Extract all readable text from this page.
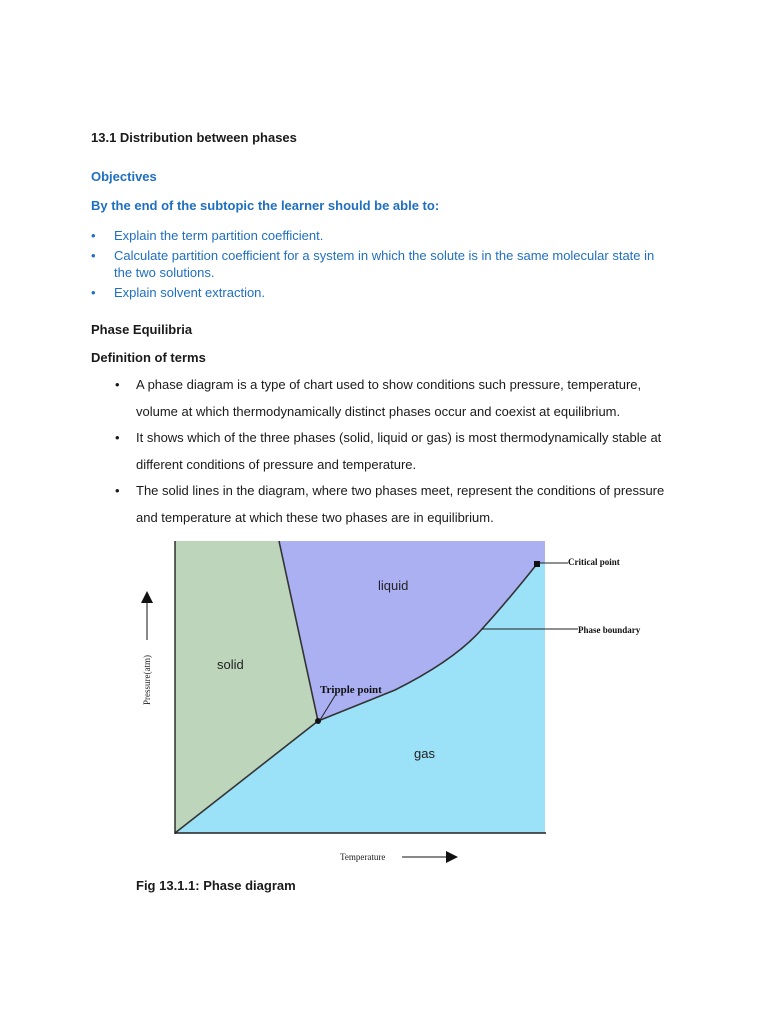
13.1 Distribution between phases
Objectives
By the end of the subtopic the learner should be able to:
• Explain the term partition coefficient.
• Calculate partition coefficient for a system in which the solute is in the same molecular state in the two solutions.
• Explain solvent extraction.
Phase Equilibria
Definition of terms
• A phase diagram is a type of chart used to show conditions such pressure, temperature, volume at which thermodynamically distinct phases occur and coexist at equilibrium.
• It shows which of the three phases (solid, liquid or gas) is most thermodynamically stable at different conditions of pressure and temperature.
• The solid lines in the diagram, where two phases meet, represent the conditions of pressure and temperature at which these two phases are in equilibrium.
solid
liquid
gas
Tripple point
Critical point
Phase boundary
Pressure(atm)
Temperature
Fig 13.1.1: Phase diagram
